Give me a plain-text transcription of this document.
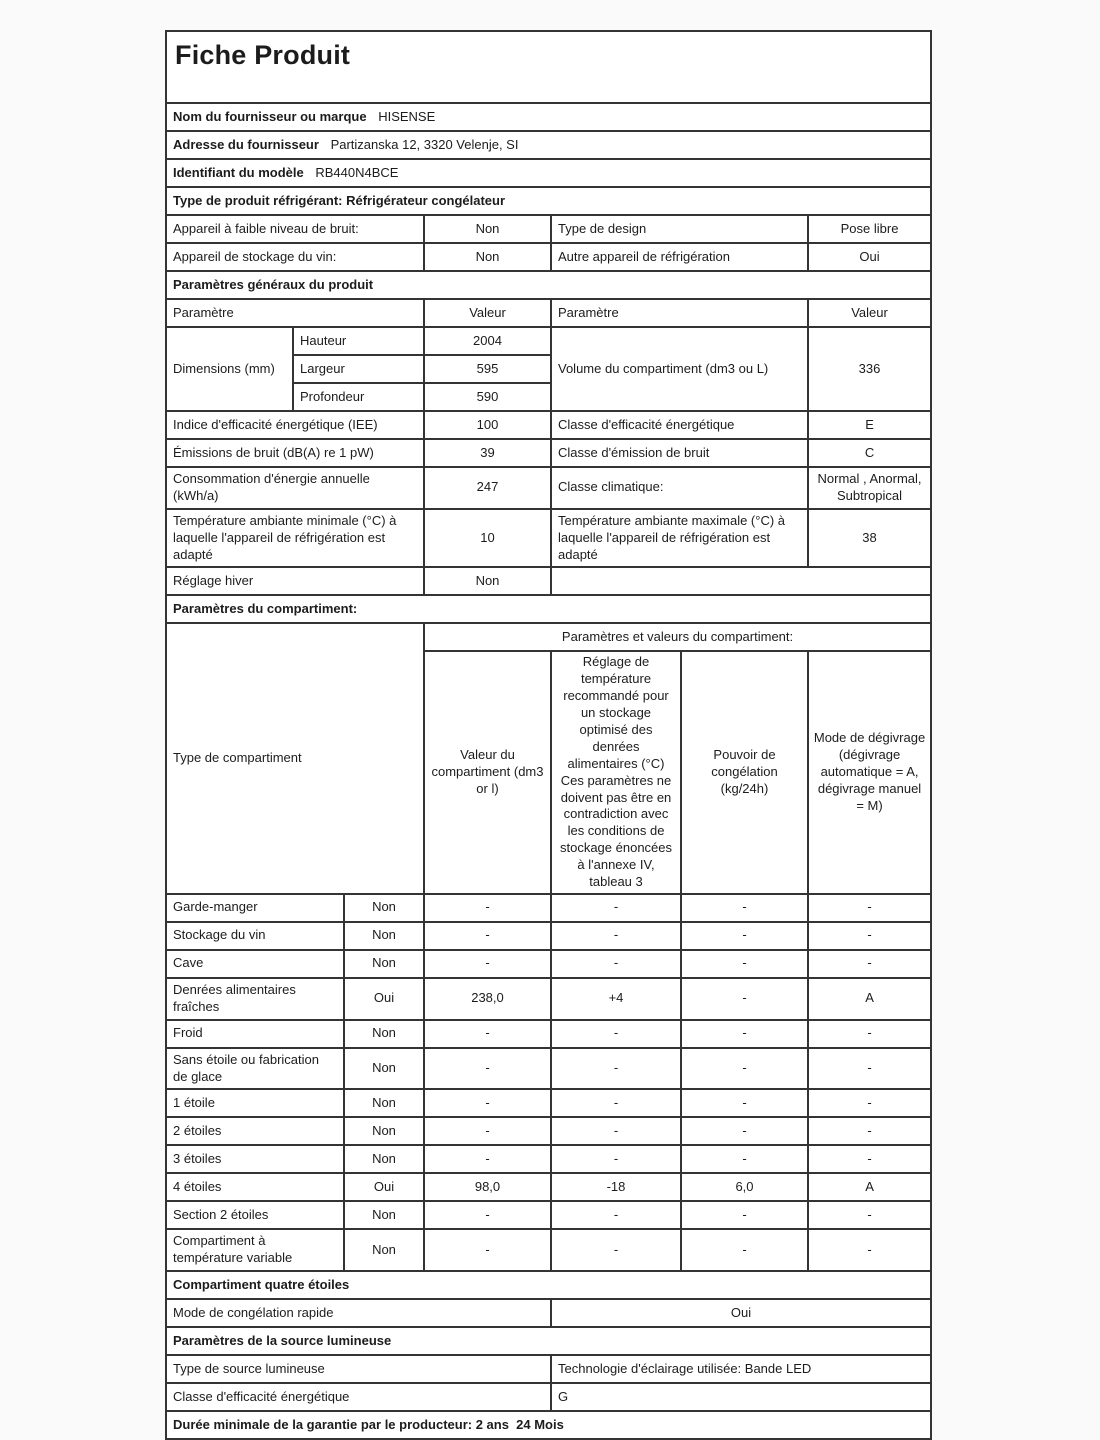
Fiche Produit						
Nom du fournisseur ou marque HISENSE						
Adresse du fournisseur Partizanska 12, 3320 Velenje, SI						
Identifiant du modèle RB440N4BCE						
Type de produit réfrigérant: Réfrigérateur congélateur						
Appareil à faible niveau de bruit:			Non	Type de design		Pose libre
Appareil de stockage du vin:			Non	Autre appareil de réfrigération		Oui
Paramètres généraux du produit						
Paramètre			Valeur	Paramètre		Valeur
Dimensions (mm)	Hauteur		2004	Volume du compartiment (dm3 ou L)		336
	Largeur		595			
	Profondeur		590			
Indice d'efficacité énergétique (IEE)			100	Classe d'efficacité énergétique		E
Émissions de bruit (dB(A) re 1 pW)			39	Classe d'émission de bruit		C
Consommation d'énergie annuelle (kWh/a)			247	Classe climatique:		Normal , Anormal, Subtropical
Température ambiante minimale (°C) à laquelle l'appareil de réfrigération est adapté			10	Température ambiante maximale (°C) à laquelle l'appareil de réfrigération est adapté		38
Réglage hiver			Non			
Paramètres du compartiment:						
Type de compartiment			Paramètres et valeurs du compartiment:			
			Valeur du compartiment (dm3 or l)	Réglage de température recommandé pour un stockage optimisé des denrées alimentaires (°C) Ces paramètres ne doivent pas être en contradiction avec les conditions de stockage énoncées à l'annexe IV, tableau 3	Pouvoir de congélation (kg/24h)	Mode de dégivrage (dégivrage automatique = A, dégivrage manuel = M)
Garde-manger		Non	-	-	-	-
Stockage du vin		Non	-	-	-	-
Cave		Non	-	-	-	-
Denrées alimentaires fraîches		Oui	238,0	+4	-	A
Froid		Non	-	-	-	-
Sans étoile ou fabrication de glace		Non	-	-	-	-
1 étoile		Non	-	-	-	-
2 étoiles		Non	-	-	-	-
3 étoiles		Non	-	-	-	-
4 étoiles		Oui	98,0	-18	6,0	A
Section 2 étoiles		Non	-	-	-	-
Compartiment à température variable		Non	-	-	-	-
Compartiment quatre étoiles						
Mode de congélation rapide				Oui		
Paramètres de la source lumineuse						
Type de source lumineuse				Technologie d'éclairage utilisée: Bande LED		
Classe d'efficacité énergétique				G		
Durée minimale de la garantie par le producteur: 2 ans  24 Mois						
